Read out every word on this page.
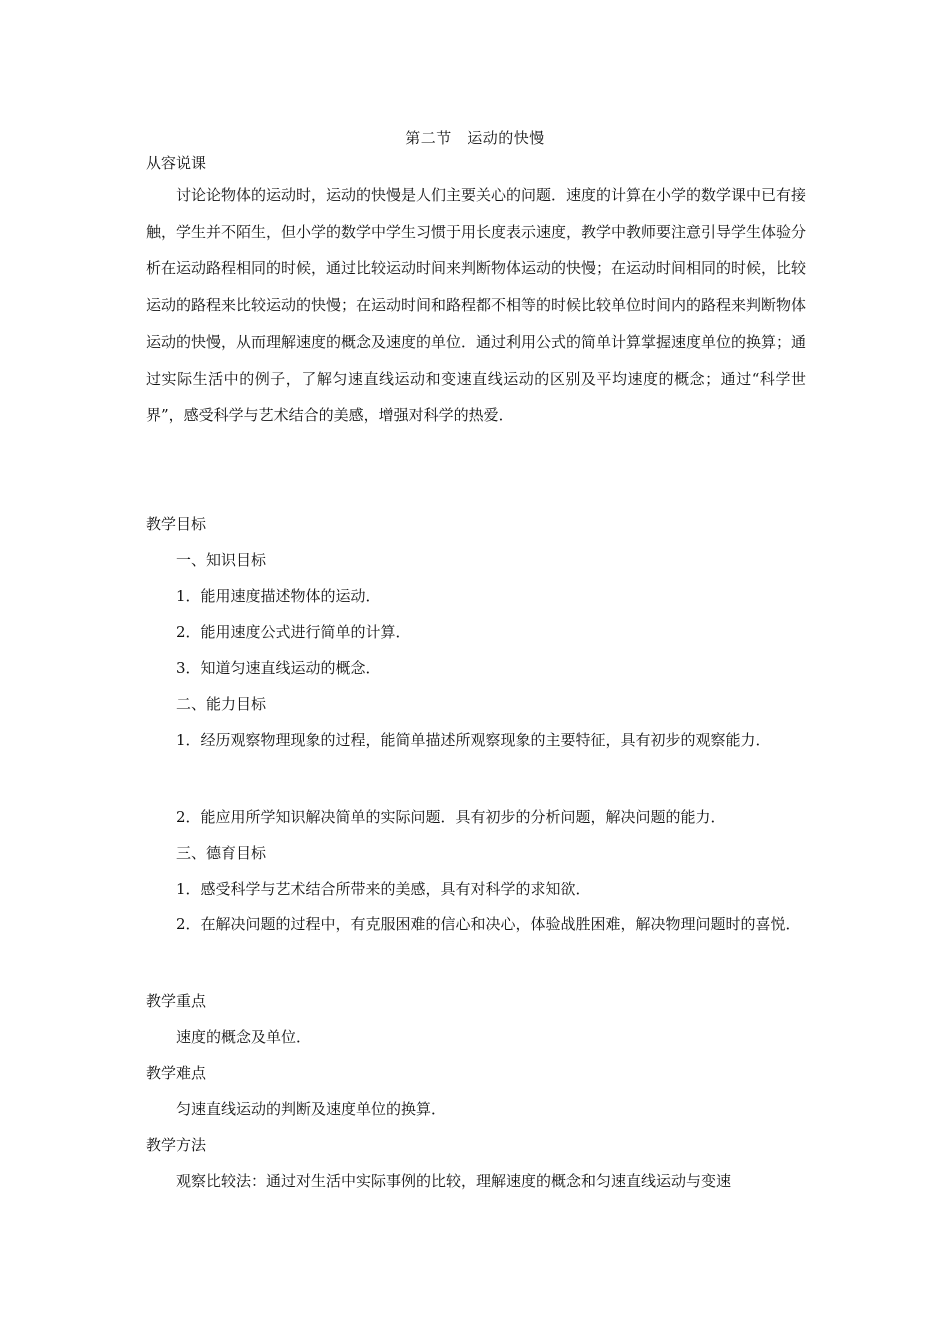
第二节　运动的快慢
从容说课
讨论论物体的运动时，运动的快慢是人们主要关心的问题．速度的计算在小学的数学课中已有接触，学生并不陌生，但小学的数学中学生习惯于用长度表示速度，教学中教师要注意引导学生体验分析在运动路程相同的时候，通过比较运动时间来判断物体运动的快慢；在运动时间相同的时候，比较运动的路程来比较运动的快慢；在运动时间和路程都不相等的时候比较单位时间内的路程来判断物体运动的快慢，从而理解速度的概念及速度的单位．通过利用公式的简单计算掌握速度单位的换算；通过实际生活中的例子，了解匀速直线运动和变速直线运动的区别及平均速度的概念；通过“科学世界”，感受科学与艺术结合的美感，增强对科学的热爱．
教学目标
一、知识目标
1．能用速度描述物体的运动．
2．能用速度公式进行简单的计算．
3．知道匀速直线运动的概念．
二、能力目标
1．经历观察物理现象的过程，能简单描述所观察现象的主要特征，具有初步的观察能力．
2．能应用所学知识解决简单的实际问题．具有初步的分析问题，解决问题的能力．
三、德育目标
1．感受科学与艺术结合所带来的美感，具有对科学的求知欲．
2．在解决问题的过程中，有克服困难的信心和决心，体验战胜困难，解决物理问题时的喜悦．
教学重点
速度的概念及单位．
教学难点
匀速直线运动的判断及速度单位的换算．
教学方法
观察比较法：通过对生活中实际事例的比较，理解速度的概念和匀速直线运动与变速
